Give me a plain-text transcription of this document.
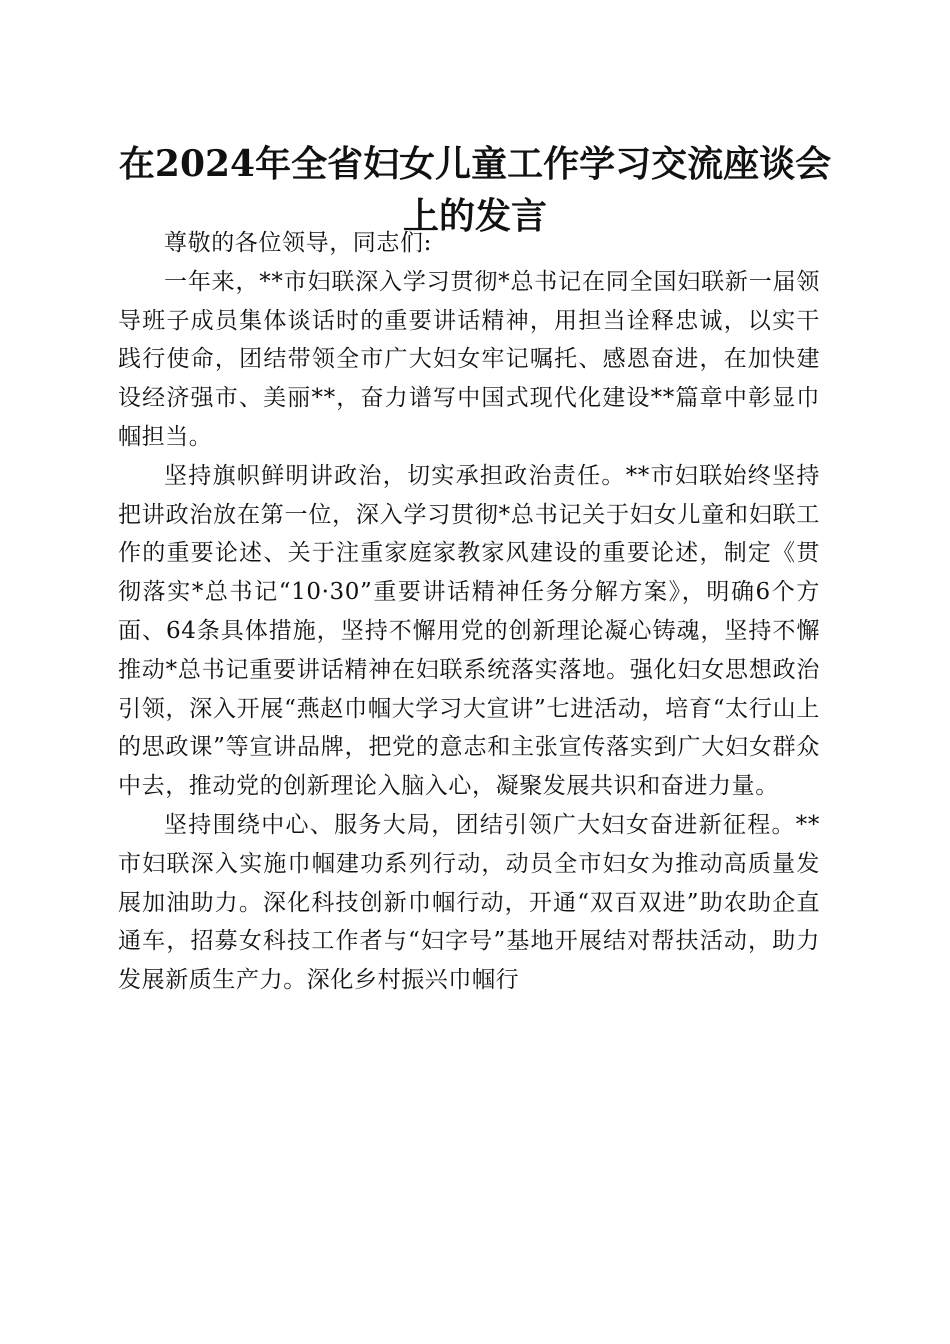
在2024年全省妇女儿童工作学习交流座谈会上的发言

尊敬的各位领导，同志们:

一年来，**市妇联深入学习贯彻*总书记在同全国妇联新一届领导班子成员集体谈话时的重要讲话精神，用担当诠释忠诚，以实干践行使命，团结带领全市广大妇女牢记嘱托、感恩奋进，在加快建设经济强市、美丽**，奋力谱写中国式现代化建设**篇章中彰显巾帼担当。

坚持旗帜鲜明讲政治，切实承担政治责任。**市妇联始终坚持把讲政治放在第一位，深入学习贯彻*总书记关于妇女儿童和妇联工作的重要论述、关于注重家庭家教家风建设的重要论述，制定《贯彻落实*总书记“10·30”重要讲话精神任务分解方案》，明确6个方面、64条具体措施，坚持不懈用党的创新理论凝心铸魂，坚持不懈推动*总书记重要讲话精神在妇联系统落实落地。强化妇女思想政治引领，深入开展“燕赵巾帼大学习大宣讲”七进活动，培育“太行山上的思政课”等宣讲品牌，把党的意志和主张宣传落实到广大妇女群众中去，推动党的创新理论入脑入心，凝聚发展共识和奋进力量。

坚持围绕中心、服务大局，团结引领广大妇女奋进新征程。**市妇联深入实施巾帼建功系列行动，动员全市妇女为推动高质量发展加油助力。深化科技创新巾帼行动，开通“双百双进”助农助企直通车，招募女科技工作者与“妇字号”基地开展结对帮扶活动，助力发展新质生产力。深化乡村振兴巾帼行
